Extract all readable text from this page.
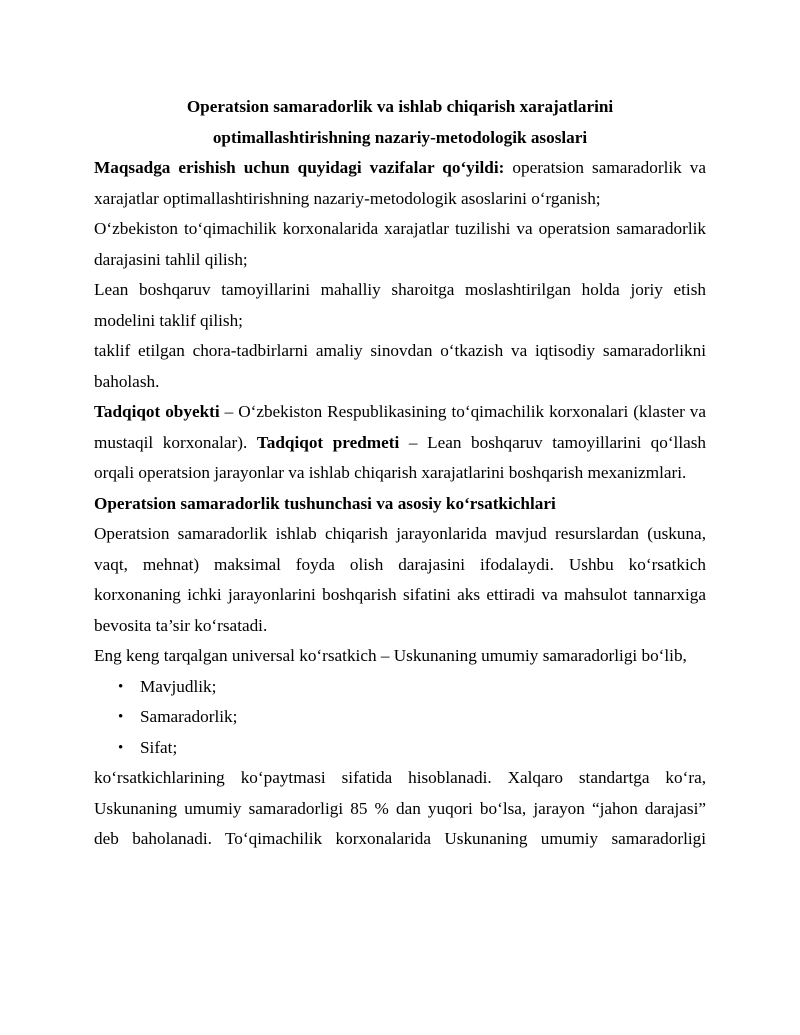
Operatsion samaradorlik va ishlab chiqarish xarajatlarini
optimallashtirishning nazariy-metodologik asoslari

Maqsadga erishish uchun quyidagi vazifalar qo‘yildi: operatsion samaradorlik va xarajatlar optimallashtirishning nazariy-metodologik asoslarini o‘rganish;

O‘zbekiston to‘qimachilik korxonalarida xarajatlar tuzilishi va operatsion samaradorlik darajasini tahlil qilish;

Lean boshqaruv tamoyillarini mahalliy sharoitga moslashtirilgan holda joriy etish modelini taklif qilish;

taklif etilgan chora-tadbirlarni amaliy sinovdan o‘tkazish va iqtisodiy samaradorlikni baholash.

Tadqiqot obyekti – O‘zbekiston Respublikasining to‘qimachilik korxonalari (klaster va mustaqil korxonalar). Tadqiqot predmeti – Lean boshqaruv tamoyillarini qo‘llash orqali operatsion jarayonlar va ishlab chiqarish xarajatlarini boshqarish mexanizmlari.

Operatsion samaradorlik tushunchasi va asosiy ko‘rsatkichlari

Operatsion samaradorlik ishlab chiqarish jarayonlarida mavjud resurslardan (uskuna, vaqt, mehnat) maksimal foyda olish darajasini ifodalaydi. Ushbu ko‘rsatkich korxonaning ichki jarayonlarini boshqarish sifatini aks ettiradi va mahsulot tannarxiga bevosita ta’sir ko‘rsatadi.

Eng keng tarqalgan universal ko‘rsatkich – Uskunaning umumiy samaradorligi bo‘lib,

• Mavjudlik;
• Samaradorlik;
• Sifat;

ko‘rsatkichlarining ko‘paytmasi sifatida hisoblanadi. Xalqaro standartga ko‘ra, Uskunaning umumiy samaradorligi 85 % dan yuqori bo‘lsa, jarayon “jahon darajasi” deb baholanadi. To‘qimachilik korxonalarida Uskunaning umumiy samaradorligi
